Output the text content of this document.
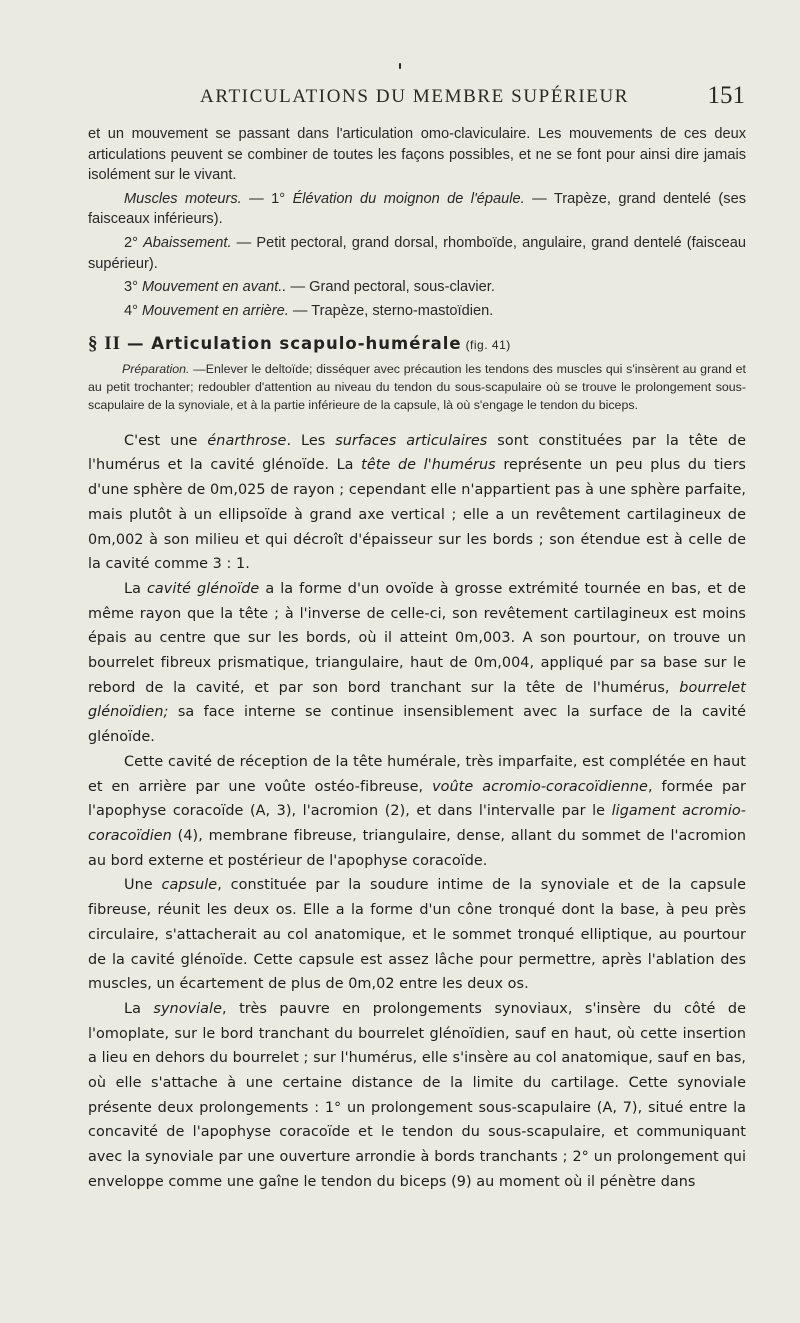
ARTICULATIONS DU MEMBRE SUPÉRIEUR	151

et un mouvement se passant dans l'articulation omo-claviculaire. Les mouvements de ces deux articulations peuvent se combiner de toutes les façons possibles, et ne se font pour ainsi dire jamais isolément sur le vivant.

Muscles moteurs. — 1° Élévation du moignon de l'épaule. — Trapèze, grand dentelé (ses faisceaux inférieurs).

2° Abaissement. — Petit pectoral, grand dorsal, rhomboïde, angulaire, grand dentelé (faisceau supérieur).

3° Mouvement en avant.. — Grand pectoral, sous-clavier.

4° Mouvement en arrière. — Trapèze, sterno-mastoïdien.

§ II — Articulation scapulo-humérale (fig. 41)

Préparation. —Enlever le deltoïde; disséquer avec précaution les tendons des muscles qui s'insèrent au grand et au petit trochanter; redoubler d'attention au niveau du tendon du sous-scapulaire où se trouve le prolongement sous-scapulaire de la synoviale, et à la partie inférieure de la capsule, là où s'engage le tendon du biceps.

C'est une énarthrose. Les surfaces articulaires sont constituées par la tête de l'humérus et la cavité glénoïde. La tête de l'humérus représente un peu plus du tiers d'une sphère de 0m,025 de rayon ; cependant elle n'appartient pas à une sphère parfaite, mais plutôt à un ellipsoïde à grand axe vertical ; elle a un revêtement cartilagineux de 0m,002 à son milieu et qui décroît d'épaisseur sur les bords ; son étendue est à celle de la cavité comme 3 : 1.

La cavité glénoïde a la forme d'un ovoïde à grosse extrémité tournée en bas, et de même rayon que la tête ; à l'inverse de celle-ci, son revêtement cartilagineux est moins épais au centre que sur les bords, où il atteint 0m,003. A son pourtour, on trouve un bourrelet fibreux prismatique, triangulaire, haut de 0m,004, appliqué par sa base sur le rebord de la cavité, et par son bord tranchant sur la tête de l'humérus, bourrelet glénoïdien; sa face interne se continue insensiblement avec la surface de la cavité glénoïde.

Cette cavité de réception de la tête humérale, très imparfaite, est complétée en haut et en arrière par une voûte ostéo-fibreuse, voûte acromio-coracoïdienne, formée par l'apophyse coracoïde (A, 3), l'acromion (2), et dans l'intervalle par le ligament acromio-coracoïdien (4), membrane fibreuse, triangulaire, dense, allant du sommet de l'acromion au bord externe et postérieur de l'apophyse coracoïde.

Une capsule, constituée par la soudure intime de la synoviale et de la capsule fibreuse, réunit les deux os. Elle a la forme d'un cône tronqué dont la base, à peu près circulaire, s'attacherait au col anatomique, et le sommet tronqué elliptique, au pourtour de la cavité glénoïde. Cette capsule est assez lâche pour permettre, après l'ablation des muscles, un écartement de plus de 0m,02 entre les deux os.

La synoviale, très pauvre en prolongements synoviaux, s'insère du côté de l'omoplate, sur le bord tranchant du bourrelet glénoïdien, sauf en haut, où cette insertion a lieu en dehors du bourrelet ; sur l'humérus, elle s'insère au col anatomique, sauf en bas, où elle s'attache à une certaine distance de la limite du cartilage. Cette synoviale présente deux prolongements : 1° un prolongement sous-scapulaire (A, 7), situé entre la concavité de l'apophyse coracoïde et le tendon du sous-scapulaire, et communiquant avec la synoviale par une ouverture arrondie à bords tranchants ; 2° un prolongement qui enveloppe comme une gaîne le tendon du biceps (9) au moment où il pénètre dans
